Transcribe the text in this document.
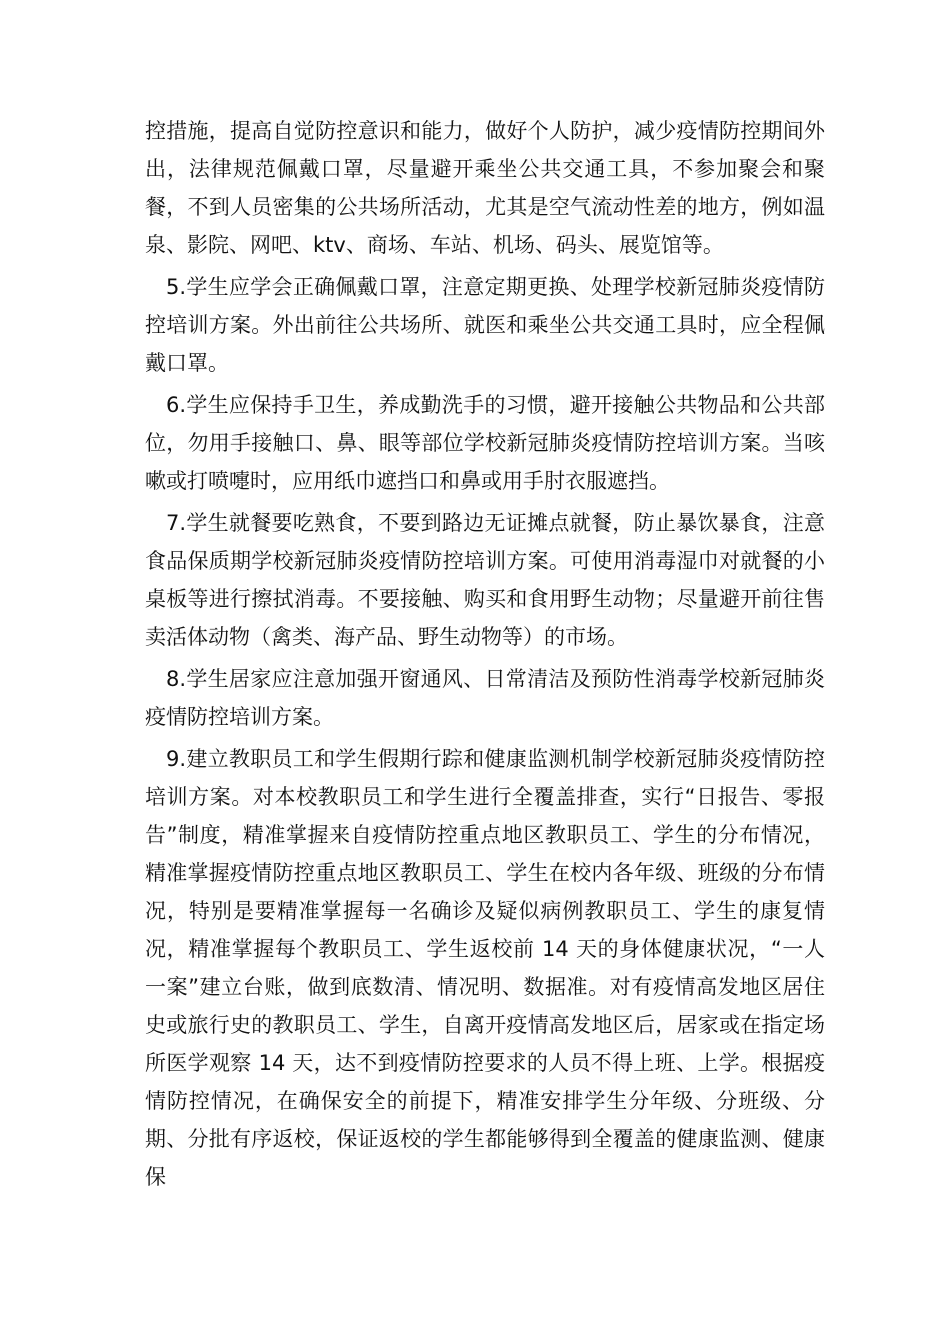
控措施，提高自觉防控意识和能力，做好个人防护，减少疫情防控期间外出，法律规范佩戴口罩，尽量避开乘坐公共交通工具，不参加聚会和聚餐，不到人员密集的公共场所活动，尤其是空气流动性差的地方，例如温泉、影院、网吧、ktv、商场、车站、机场、码头、展览馆等。

5.学生应学会正确佩戴口罩，注意定期更换、处理学校新冠肺炎疫情防控培训方案。外出前往公共场所、就医和乘坐公共交通工具时，应全程佩戴口罩。

6.学生应保持手卫生，养成勤洗手的习惯，避开接触公共物品和公共部位，勿用手接触口、鼻、眼等部位学校新冠肺炎疫情防控培训方案。当咳嗽或打喷嚏时，应用纸巾遮挡口和鼻或用手肘衣服遮挡。

7.学生就餐要吃熟食，不要到路边无证摊点就餐，防止暴饮暴食，注意食品保质期学校新冠肺炎疫情防控培训方案。可使用消毒湿巾对就餐的小桌板等进行擦拭消毒。不要接触、购买和食用野生动物；尽量避开前往售卖活体动物（禽类、海产品、野生动物等）的市场。

8.学生居家应注意加强开窗通风、日常清洁及预防性消毒学校新冠肺炎疫情防控培训方案。

9.建立教职员工和学生假期行踪和健康监测机制学校新冠肺炎疫情防控培训方案。对本校教职员工和学生进行全覆盖排查，实行“日报告、零报告”制度，精准掌握来自疫情防控重点地区教职员工、学生的分布情况，精准掌握疫情防控重点地区教职员工、学生在校内各年级、班级的分布情况，特别是要精准掌握每一名确诊及疑似病例教职员工、学生的康复情况，精准掌握每个教职员工、学生返校前 14 天的身体健康状况，“一人一案”建立台账，做到底数清、情况明、数据准。对有疫情高发地区居住史或旅行史的教职员工、学生，自离开疫情高发地区后，居家或在指定场所医学观察 14 天，达不到疫情防控要求的人员不得上班、上学。根据疫情防控情况，在确保安全的前提下，精准安排学生分年级、分班级、分期、分批有序返校，保证返校的学生都能够得到全覆盖的健康监测、健康保
